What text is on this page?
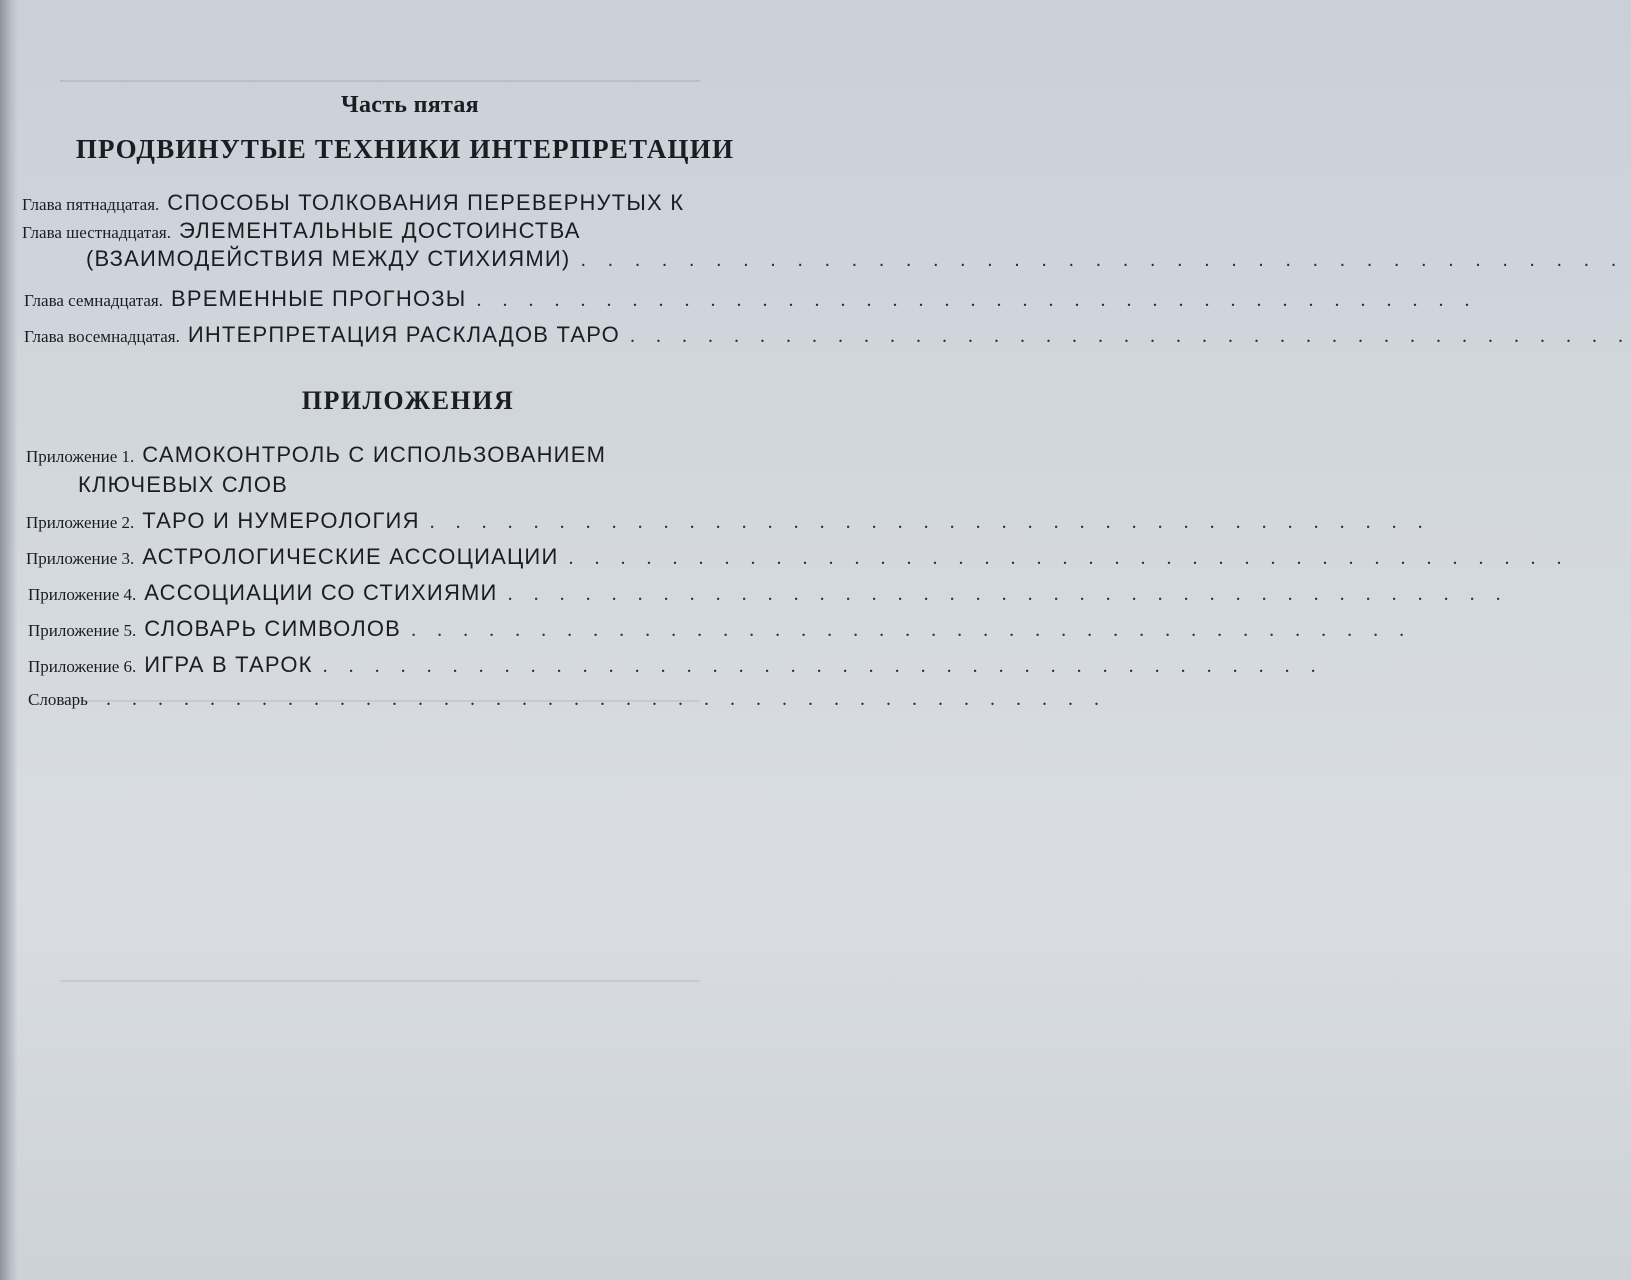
Часть пятая
ПРОДВИНУТЫЕ ТЕХНИКИ ИНТЕРПРЕТАЦИИ
Глава пятнадцатая. СПОСОБЫ ТОЛКОВАНИЯ ПЕРЕВЕРНУТЫХ К
Глава шестнадцатая. ЭЛЕМЕНТАЛЬНЫЕ ДОСТОИНСТВА
(ВЗАИМОДЕЙСТВИЯ МЕЖДУ СТИХИЯМИ) . . . . . . . . . . . . . . . . . . . . . . . . . . . . . . . . . . . . . . .
Глава семнадцатая. ВРЕМЕННЫЕ ПРОГНОЗЫ . . . . . . . . . . . . . . . . . . . . . . . . . . . . . . . . . . . . . . .
Глава восемнадцатая. ИНТЕРПРЕТАЦИЯ РАСКЛАДОВ ТАРО . . . . . . . . . . . . . . . . . . . . . . . . . . . . . . . . . . . . . . .
ПРИЛОЖЕНИЯ
Приложение 1. САМОКОНТРОЛЬ С ИСПОЛЬЗОВАНИЕМ
КЛЮЧЕВЫХ СЛОВ
Приложение 2. ТАРО И НУМЕРОЛОГИЯ . . . . . . . . . . . . . . . . . . . . . . . . . . . . . . . . . . . . . . .
Приложение 3. АСТРОЛОГИЧЕСКИЕ АССОЦИАЦИИ . . . . . . . . . . . . . . . . . . . . . . . . . . . . . . . . . . . . . . .
Приложение 4. АССОЦИАЦИИ СО СТИХИЯМИ . . . . . . . . . . . . . . . . . . . . . . . . . . . . . . . . . . . . . . .
Приложение 5. СЛОВАРЬ СИМВОЛОВ . . . . . . . . . . . . . . . . . . . . . . . . . . . . . . . . . . . . . . .
Приложение 6. ИГРА В ТАРОК . . . . . . . . . . . . . . . . . . . . . . . . . . . . . . . . . . . . . . .
Словарь . . . . . . . . . . . . . . . . . . . . . . . . . . . . . . . . . . . . . . .
